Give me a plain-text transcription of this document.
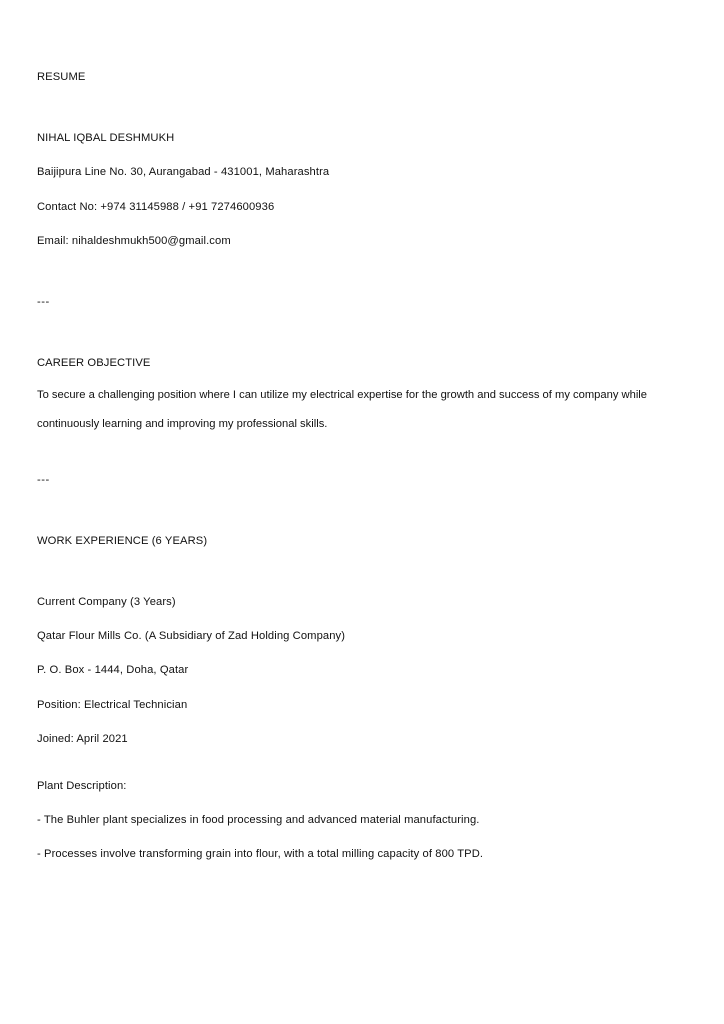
RESUME
NIHAL IQBAL DESHMUKH
Baijipura Line No. 30, Aurangabad - 431001, Maharashtra
Contact No: +974 31145988 / +91 7274600936
Email: nihaldeshmukh500@gmail.com
---
CAREER OBJECTIVE
To secure a challenging position where I can utilize my electrical expertise for the growth and success of my company while continuously learning and improving my professional skills.
---
WORK EXPERIENCE (6 YEARS)
Current Company (3 Years)
Qatar Flour Mills Co. (A Subsidiary of Zad Holding Company)
P. O. Box - 1444, Doha, Qatar
Position: Electrical Technician
Joined: April 2021
Plant Description:
- The Buhler plant specializes in food processing and advanced material manufacturing.
- Processes involve transforming grain into flour, with a total milling capacity of 800 TPD.
